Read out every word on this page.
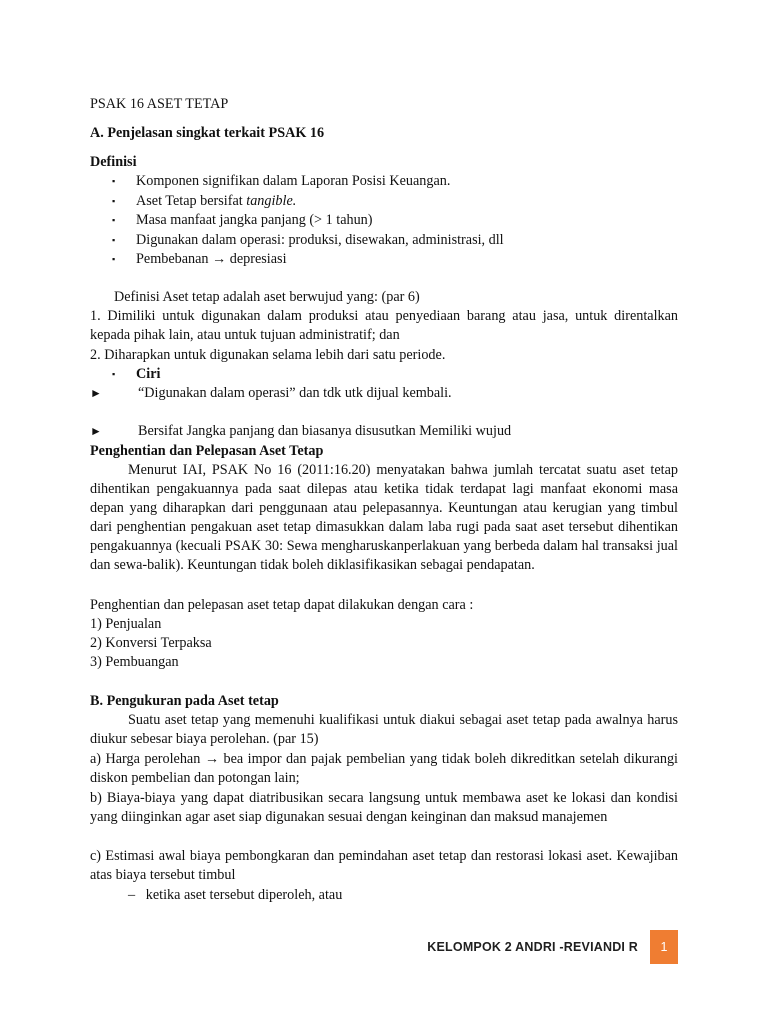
PSAK 16 ASET TETAP

A. Penjelasan singkat terkait PSAK 16

Definisi

▪ Komponen signifikan dalam Laporan Posisi Keuangan.
▪ Aset Tetap bersifat tangible.
▪ Masa manfaat jangka panjang (> 1 tahun)
▪ Digunakan dalam operasi: produksi, disewakan, administrasi, dll
▪ Pembebanan → depresiasi

Definisi Aset tetap adalah aset berwujud yang: (par 6)

1. Dimiliki untuk digunakan dalam produksi atau penyediaan barang atau jasa, untuk direntalkan kepada pihak lain, atau untuk tujuan administratif; dan

2. Diharapkan untuk digunakan selama lebih dari satu periode.

▪ Ciri
►	“Digunakan dalam operasi” dan tdk utk dijual kembali.
►	Bersifat Jangka panjang dan biasanya disusutkan Memiliki wujud

Penghentian dan Pelepasan Aset Tetap

Menurut IAI, PSAK No 16 (2011:16.20) menyatakan bahwa jumlah tercatat suatu aset tetap dihentikan pengakuannya pada saat dilepas atau ketika tidak terdapat lagi manfaat ekonomi masa depan yang diharapkan dari penggunaan atau pelepasannya. Keuntungan atau kerugian yang timbul dari penghentian pengakuan aset tetap dimasukkan dalam laba rugi pada saat aset tersebut dihentikan pengakuannya (kecuali PSAK 30: Sewa mengharuskanperlakuan yang berbeda dalam hal transaksi jual dan sewa-balik). Keuntungan tidak boleh diklasifikasikan sebagai pendapatan.

Penghentian dan pelepasan aset tetap dapat dilakukan dengan cara :

1) Penjualan

2) Konversi Terpaksa

3) Pembuangan

B. Pengukuran pada Aset tetap

Suatu aset tetap yang memenuhi kualifikasi untuk diakui sebagai aset tetap pada awalnya harus diukur sebesar biaya perolehan. (par 15)

a) Harga perolehan → bea impor dan pajak pembelian yang tidak boleh dikreditkan setelah dikurangi diskon pembelian dan potongan lain;

b) Biaya-biaya yang dapat diatribusikan secara langsung untuk membawa aset ke lokasi dan kondisi yang diinginkan agar aset siap digunakan sesuai dengan keinginan dan maksud manajemen

c) Estimasi awal biaya pembongkaran dan pemindahan aset tetap dan restorasi lokasi aset. Kewajiban atas biaya tersebut timbul

– ketika aset tersebut diperoleh, atau
KELOMPOK 2 ANDRI -REVIANDI R	1
